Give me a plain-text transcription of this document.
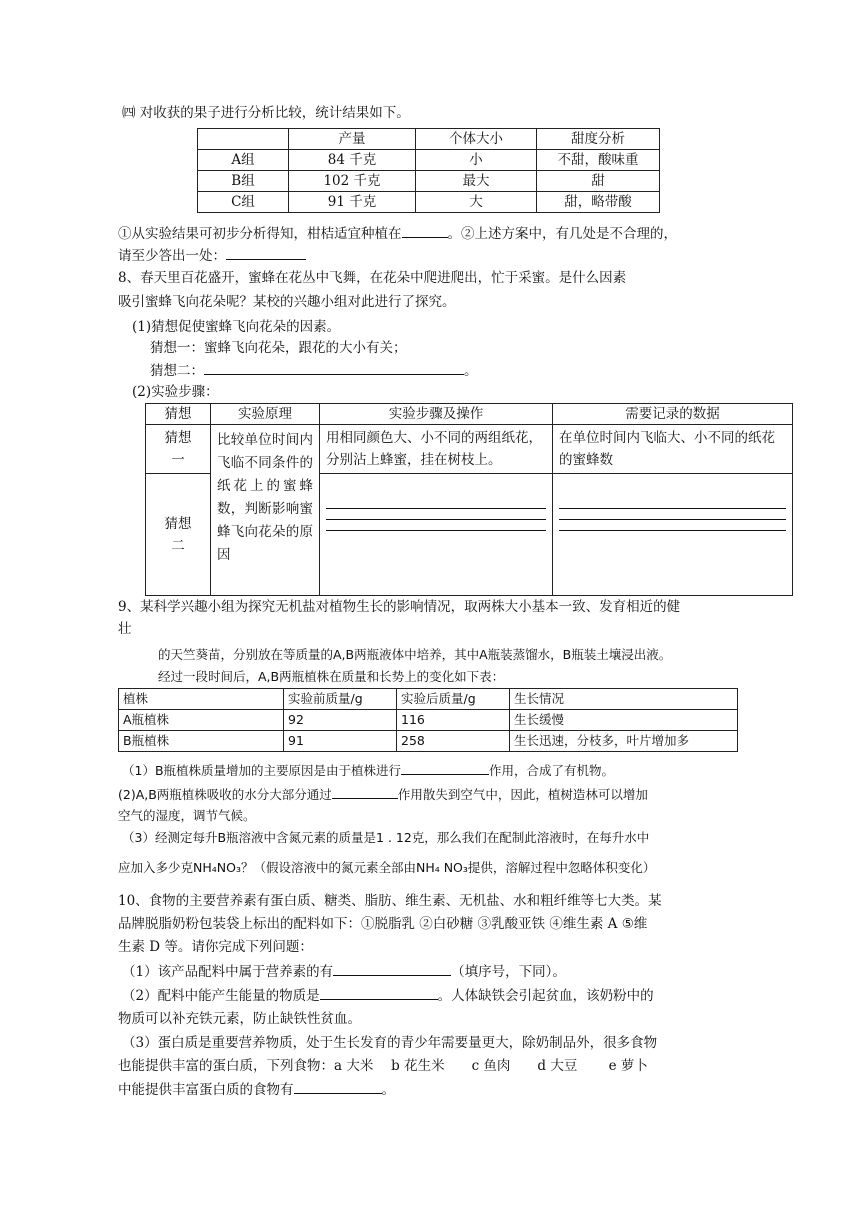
㈣ 对收获的果子进行分析比较，统计结果如下。
	产量	个体大小	甜度分析
A组	84 千克	小	不甜，酸味重
B组	102 千克	最大	甜
C组	91 千克	大	甜，略带酸
①从实验结果可初步分析得知，柑桔适宜种植在	。②上述方案中，有几处是不合理的，
请至少答出一处：
8、春天里百花盛开，蜜蜂在花丛中飞舞，在花朵中爬进爬出，忙于采蜜。是什么因素
吸引蜜蜂飞向花朵呢？某校的兴趣小组对此进行了探究。
(1)猜想促使蜜蜂飞向花朵的因素。
猜想一：蜜蜂飞向花朵，跟花的大小有关；
猜想二：	。
(2)实验步骤：
猜想	实验原理	实验步骤及操作	需要记录的数据

猜想一	比较单位时间内飞临不同条件的纸花上的蜜蜂数，判断影响蜜蜂飞向花朵的原因	用相同颜色大、小不同的两组纸花，分别沾上蜂蜜，挂在树枝上。	在单位时间内飞临大、小不同的纸花的蜜蜂数

猜想二			

9、某科学兴趣小组为探究无机盐对植物生长的影响情况，取两株大小基本一致、发育相近的健
壮
的天竺葵苗，分别放在等质量的A,B两瓶液体中培养，其中A瓶装蒸馏水，B瓶装土壤浸出液。
经过一段时间后，A,B两瓶植株在质量和长势上的变化如下表：
植株	实验前质量/g	实验后质量/g	生长情况
A瓶植株	92	116	生长缓慢
B瓶植株	91	258	生长迅速，分枝多，叶片增加多
（1）B瓶植株质量增加的主要原因是由于植株进行	作用，合成了有机物。
(2)A,B两瓶植株吸收的水分大部分通过	作用散失到空气中，因此，植树造林可以增加
空气的湿度，调节气候。
（3）经测定每升B瓶溶液中含氮元素的质量是1 . 12克，那么我们在配制此溶液时，在每升水中
应加入多少克NH₄NO₃？（假设溶液中的氮元素全部由NH₄ NO₃提供，溶解过程中忽略体积变化）
10、食物的主要营养素有蛋白质、糖类、脂肪、维生素、无机盐、水和粗纤维等七大类。某
品牌脱脂奶粉包装袋上标出的配料如下：①脱脂乳 ②白砂糖 ③乳酸亚铁 ④维生素 A ⑤维
生素 D 等。请你完成下列问题：
（1）该产品配料中属于营养素的有	（填序号，下同）。
（2）配料中能产生能量的物质是	。人体缺铁会引起贫血，该奶粉中的
物质可以补充铁元素，防止缺铁性贫血。
（3）蛋白质是重要营养物质，处于生长发育的青少年需要量更大，除奶制品外，很多食物
也能提供丰富的蛋白质，下列食物：a 大米　 b 花生米　　c 鱼肉　　d 大豆　　 e 萝卜
中能提供丰富蛋白质的食物有	。
